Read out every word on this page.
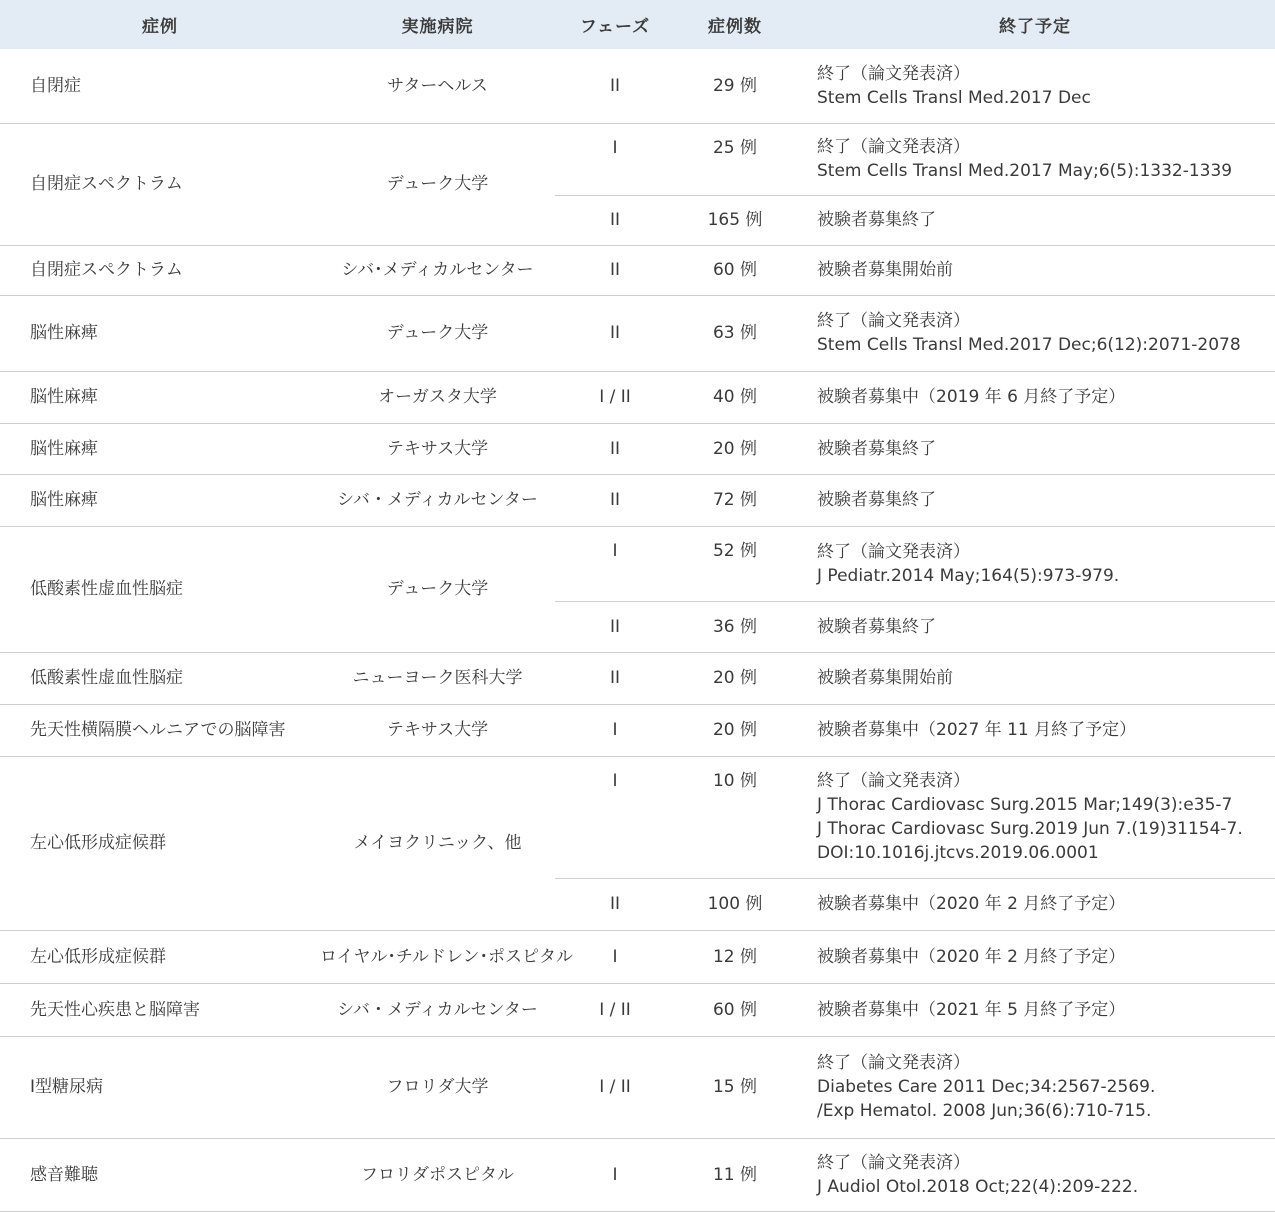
症例	実施病院	フェーズ	症例数	終了予定
自閉症	サターヘルス	II	29 例	終了（論文発表済）
Stem Cells Transl Med.2017 Dec

自閉症スペクトラム	デューク大学	I	25 例	終了（論文発表済）
Stem Cells Transl Med.2017 May;6(5):1332-1339

		II	165 例	被験者募集終了

自閉症スペクトラム	シバ･メディカルセンター	II	60 例	被験者募集開始前

脳性麻痺	デューク大学	II	63 例	終了（論文発表済）
Stem Cells Transl Med.2017 Dec;6(12):2071-2078

脳性麻痺	オーガスタ大学	I / II	40 例	被験者募集中（2019 年 6 月終了予定）

脳性麻痺	テキサス大学	II	20 例	被験者募集終了

脳性麻痺	シバ・メディカルセンター	II	72 例	被験者募集終了

低酸素性虚血性脳症	デューク大学	I	52 例	終了（論文発表済）
J Pediatr.2014 May;164(5):973-979.

		II	36 例	被験者募集終了

低酸素性虚血性脳症	ニューヨーク医科大学	II	20 例	被験者募集開始前

先天性横隔膜ヘルニアでの脳障害	テキサス大学	I	20 例	被験者募集中（2027 年 11 月終了予定）

左心低形成症候群	メイヨクリニック、他	I	10 例	終了（論文発表済）
J Thorac Cardiovasc Surg.2015 Mar;149(3):e35-7
J Thorac Cardiovasc Surg.2019 Jun 7.(19)31154-7.
DOI:10.1016j.jtcvs.2019.06.0001

		II	100 例	被験者募集中（2020 年 2 月終了予定）

左心低形成症候群	ロイヤル･チルドレン･ポスピタル	I	12 例	被験者募集中（2020 年 2 月終了予定）

先天性心疾患と脳障害	シバ・メディカルセンター	I / II	60 例	被験者募集中（2021 年 5 月終了予定）

Ⅰ型糖尿病	フロリダ大学	I / II	15 例	終了（論文発表済）
Diabetes Care 2011 Dec;34:2567-2569.
/Exp Hematol. 2008 Jun;36(6):710-715.

感音難聴	フロリダポスピタル	I	11 例	終了（論文発表済）
J Audiol Otol.2018 Oct;22(4):209-222.
